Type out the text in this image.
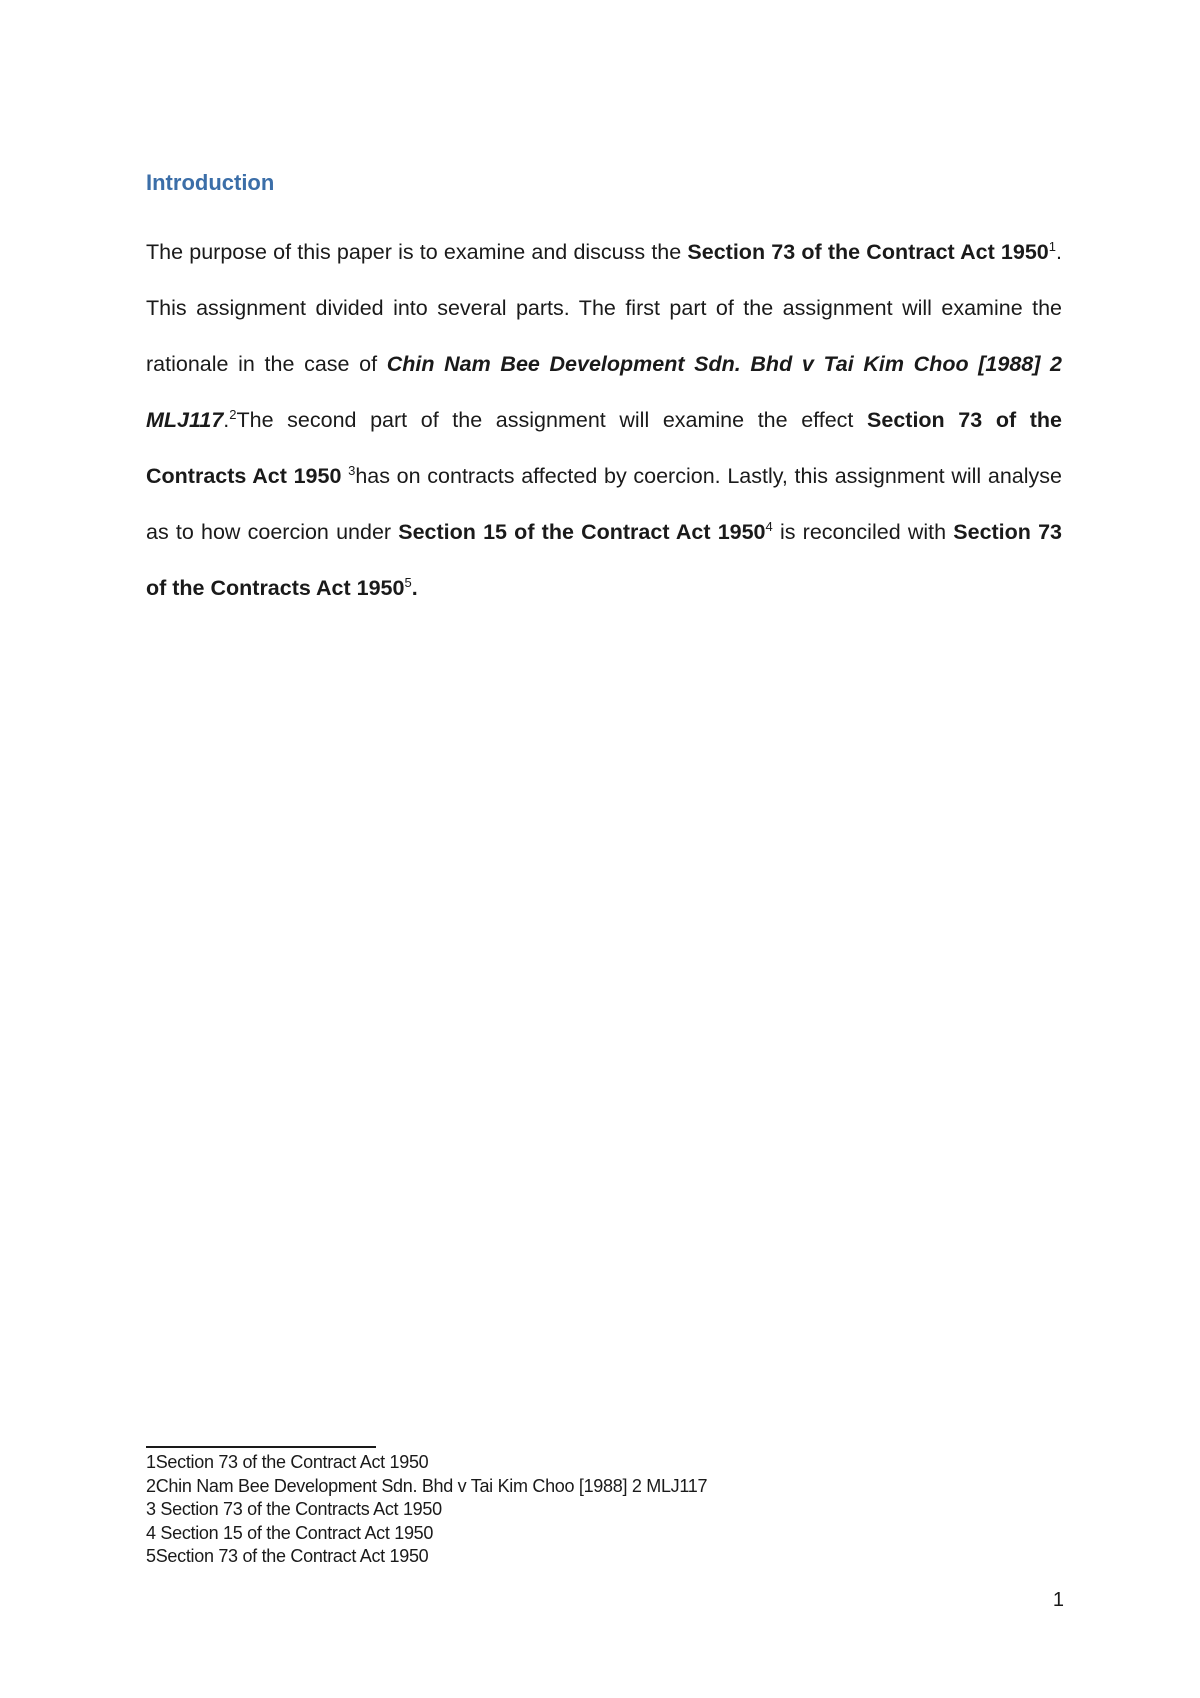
Introduction

The purpose of this paper is to examine and discuss the Section 73 of the Contract Act 1950$^1$. This assignment divided into several parts. The first part of the assignment will examine the rationale in the case of Chin Nam Bee Development Sdn. Bhd v Tai Kim Choo [1988] 2 MLJ117.$^2$The second part of the assignment will examine the effect Section 73 of the Contracts Act 1950 $^3$has on contracts affected by coercion. Lastly, this assignment will analyse as to how coercion under Section 15 of the Contract Act 1950$^4$ is reconciled with Section 73 of the Contracts Act 1950$^5$.

1Section 73 of the Contract Act 1950
2Chin Nam Bee Development Sdn. Bhd v Tai Kim Choo [1988] 2 MLJ117
3 Section 73 of the Contracts Act 1950
4 Section 15 of the Contract Act 1950
5Section 73 of the Contract Act 1950
1
